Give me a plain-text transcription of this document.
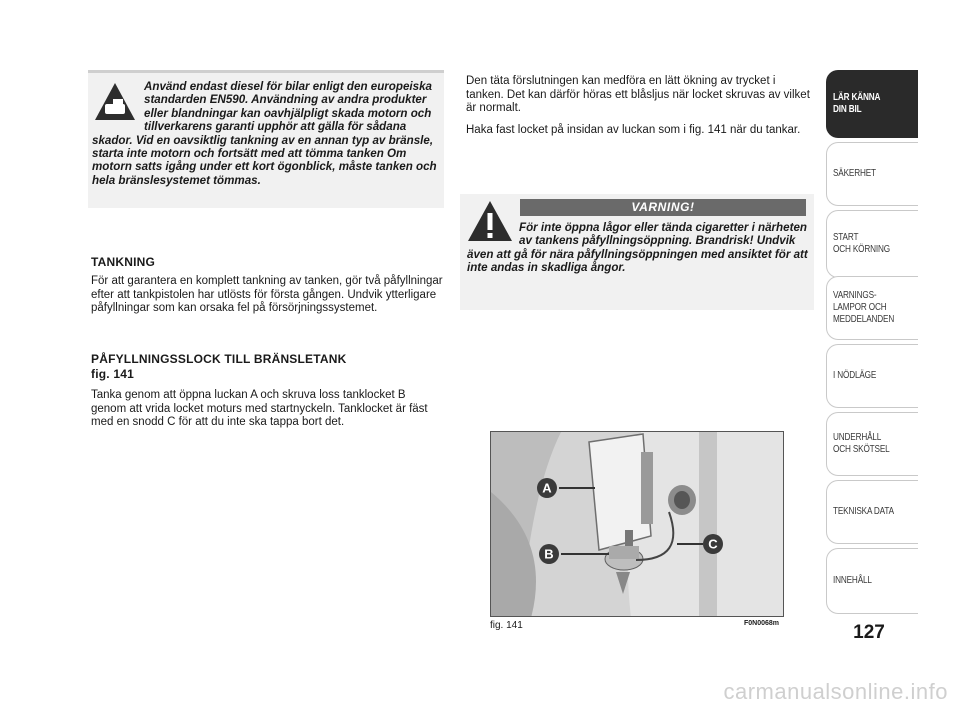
Använd endast diesel för bilar enligt den europeiska standarden EN590. Användning av andra produkter eller blandningar kan oavhjälpligt skada motorn och tillverkarens garanti upphör att gälla för sådana skador. Vid en oavsiktlig tankning av en annan typ av bränsle, starta inte motorn och fortsätt med att tömma tanken Om motorn satts igång under ett kort ögonblick, måste tanken och hela bränslesystemet tömmas.

TANKNING

För att garantera en komplett tankning av tanken, gör två påfyllningar efter att tankpistolen har utlösts för första gången. Undvik ytterligare påfyllningar som kan orsaka fel på försörjningssystemet.

PÅFYLLNINGSSLOCK TILL BRÄNSLETANK
fig. 141

Tanka genom att öppna luckan A och skruva loss tanklocket B genom att vrida locket moturs med startnyckeln. Tanklocket är fäst med en snodd C för att du inte ska tappa bort det.

Den täta förslutningen kan medföra en lätt ökning av trycket i tanken. Det kan därför höras ett blåsljus när locket skruvas av vilket är normalt.

Haka fast locket på insidan av luckan som i fig. 141 när du tankar.

VARNING!

För inte öppna lågor eller tända cigaretter i närheten av tankens påfyllningsöppning. Brandrisk! Undvik även att gå för nära påfyllningsöppningen med ansiktet för att inte andas in skadliga ångor.

A
B
C
fig. 141	F0N0068m
LÄR KÄNNA
DIN BIL
SÄKERHET
START
OCH KÖRNING
VARNINGS-
LAMPOR OCH
MEDDELANDEN
I NÖDLÄGE
UNDERHÅLL
OCH SKÖTSEL
TEKNISKA DATA
INNEHÅLL
127
carmanualsonline.info
